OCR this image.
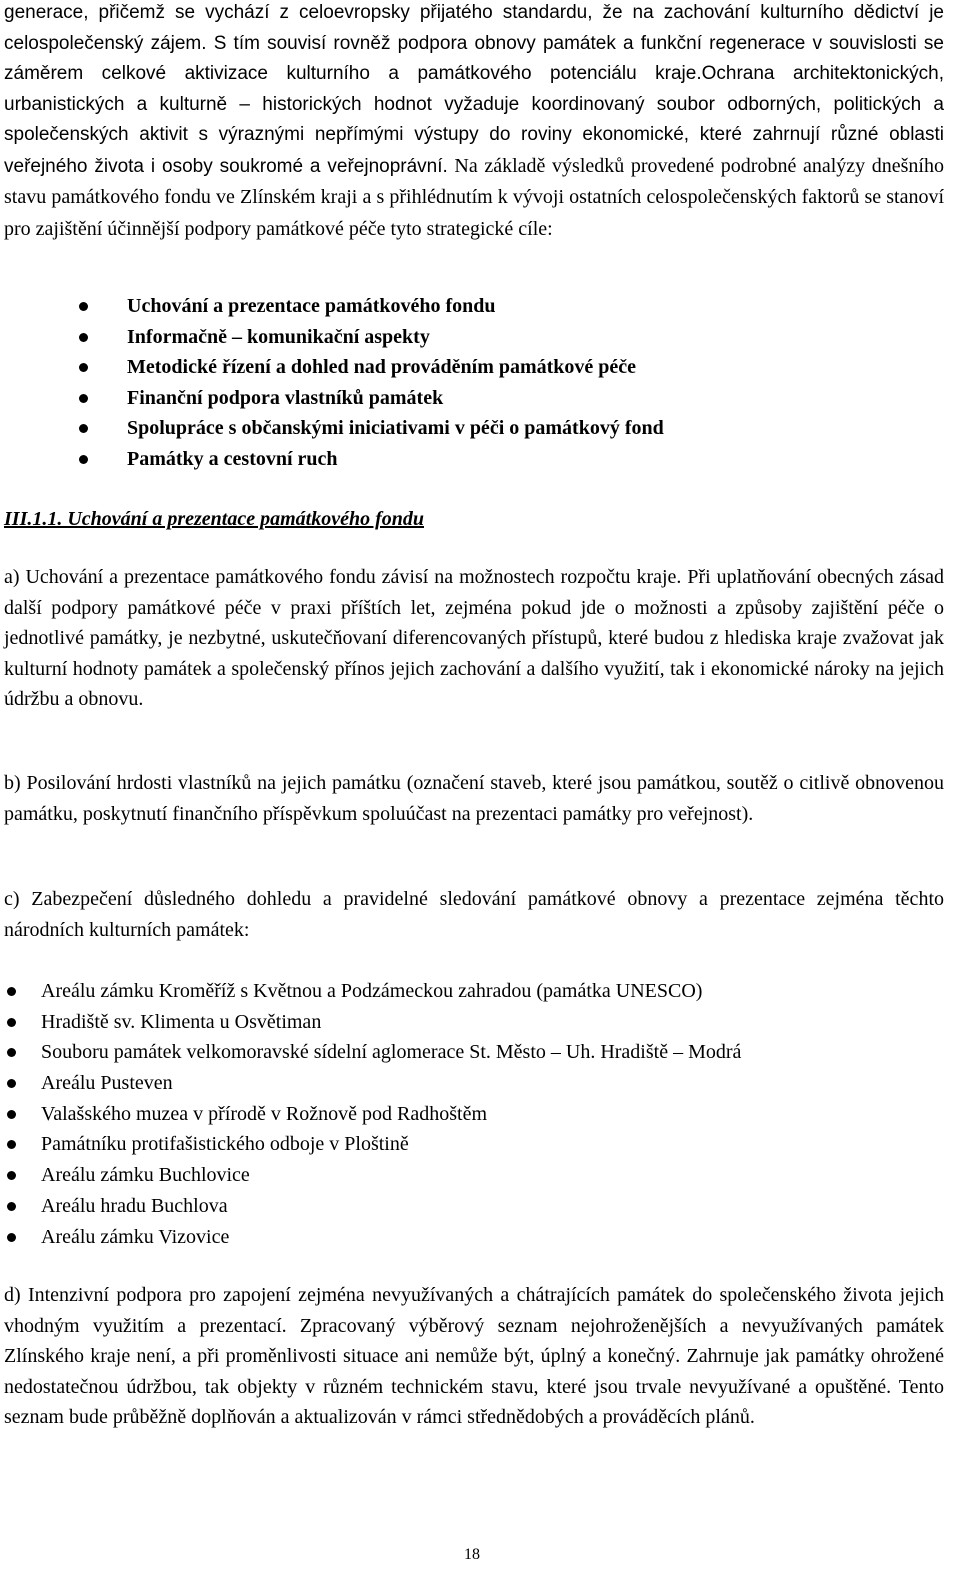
generace, přičemž se vychází z celoevropsky přijatého standardu, že na zachování kulturního dědictví je celospolečenský zájem. S tím souvisí rovněž podpora obnovy památek a funkční regenerace v souvislosti se záměrem celkové aktivizace kulturního a památkového potenciálu kraje.Ochrana architektonických, urbanistických a kulturně – historických hodnot vyžaduje koordinovaný soubor odborných, politických a společenských aktivit s výraznými nepřímými výstupy do roviny ekonomické, které zahrnují různé oblasti veřejného života i osoby soukromé a veřejnoprávní. Na základě výsledků provedené podrobné analýzy dnešního stavu památkového fondu ve Zlínském kraji a s přihlédnutím k vývoji ostatních celospolečenských faktorů se stanoví pro zajištění účinnější podpory památkové péče tyto strategické cíle:

Uchování a prezentace památkového fondu
Informačně – komunikační aspekty
Metodické řízení a dohled nad prováděním památkové péče
Finanční podpora vlastníků památek
Spolupráce s občanskými iniciativami v péči o památkový fond
Památky a cestovní ruch

III.1.1. Uchování a prezentace památkového fondu

a) Uchování a prezentace památkového fondu závisí na možnostech rozpočtu kraje. Při uplatňování obecných zásad další podpory památkové péče v praxi příštích let, zejména pokud jde o možnosti a způsoby zajištění péče o jednotlivé památky, je nezbytné, uskutečňovaní diferencovaných přístupů, které budou z hlediska kraje zvažovat jak kulturní hodnoty památek a společenský přínos jejich zachování a dalšího využití, tak i ekonomické nároky na jejich údržbu a obnovu.

b) Posilování hrdosti vlastníků na jejich památku (označení staveb, které jsou památkou, soutěž o citlivě obnovenou památku, poskytnutí finančního příspěvkum spoluúčast na prezentaci památky pro veřejnost).

c) Zabezpečení důsledného dohledu a pravidelné sledování památkové obnovy a prezentace zejména těchto národních kulturních památek:

Areálu zámku Kroměříž s Květnou a Podzámeckou zahradou (památka UNESCO)
Hradiště sv. Klimenta u Osvětiman
Souboru památek velkomoravské sídelní aglomerace St. Město – Uh. Hradiště – Modrá
Areálu Pusteven
Valašského muzea v přírodě v Rožnově pod Radhoštěm
Památníku protifašistického odboje v Ploštině
Areálu zámku Buchlovice
Areálu hradu Buchlova
Areálu zámku Vizovice

d) Intenzivní podpora pro zapojení zejména nevyužívaných a chátrajících památek do společenského života jejich vhodným využitím a prezentací. Zpracovaný výběrový seznam nejohroženějších a nevyužívaných památek Zlínského kraje není, a při proměnlivosti situace ani nemůže být, úplný a konečný. Zahrnuje jak památky ohrožené nedostatečnou údržbou, tak objekty v různém technickém stavu, které jsou trvale nevyužívané a opuštěné. Tento seznam bude průběžně doplňován a aktualizován v rámci střednědobých a prováděcích plánů.

18
